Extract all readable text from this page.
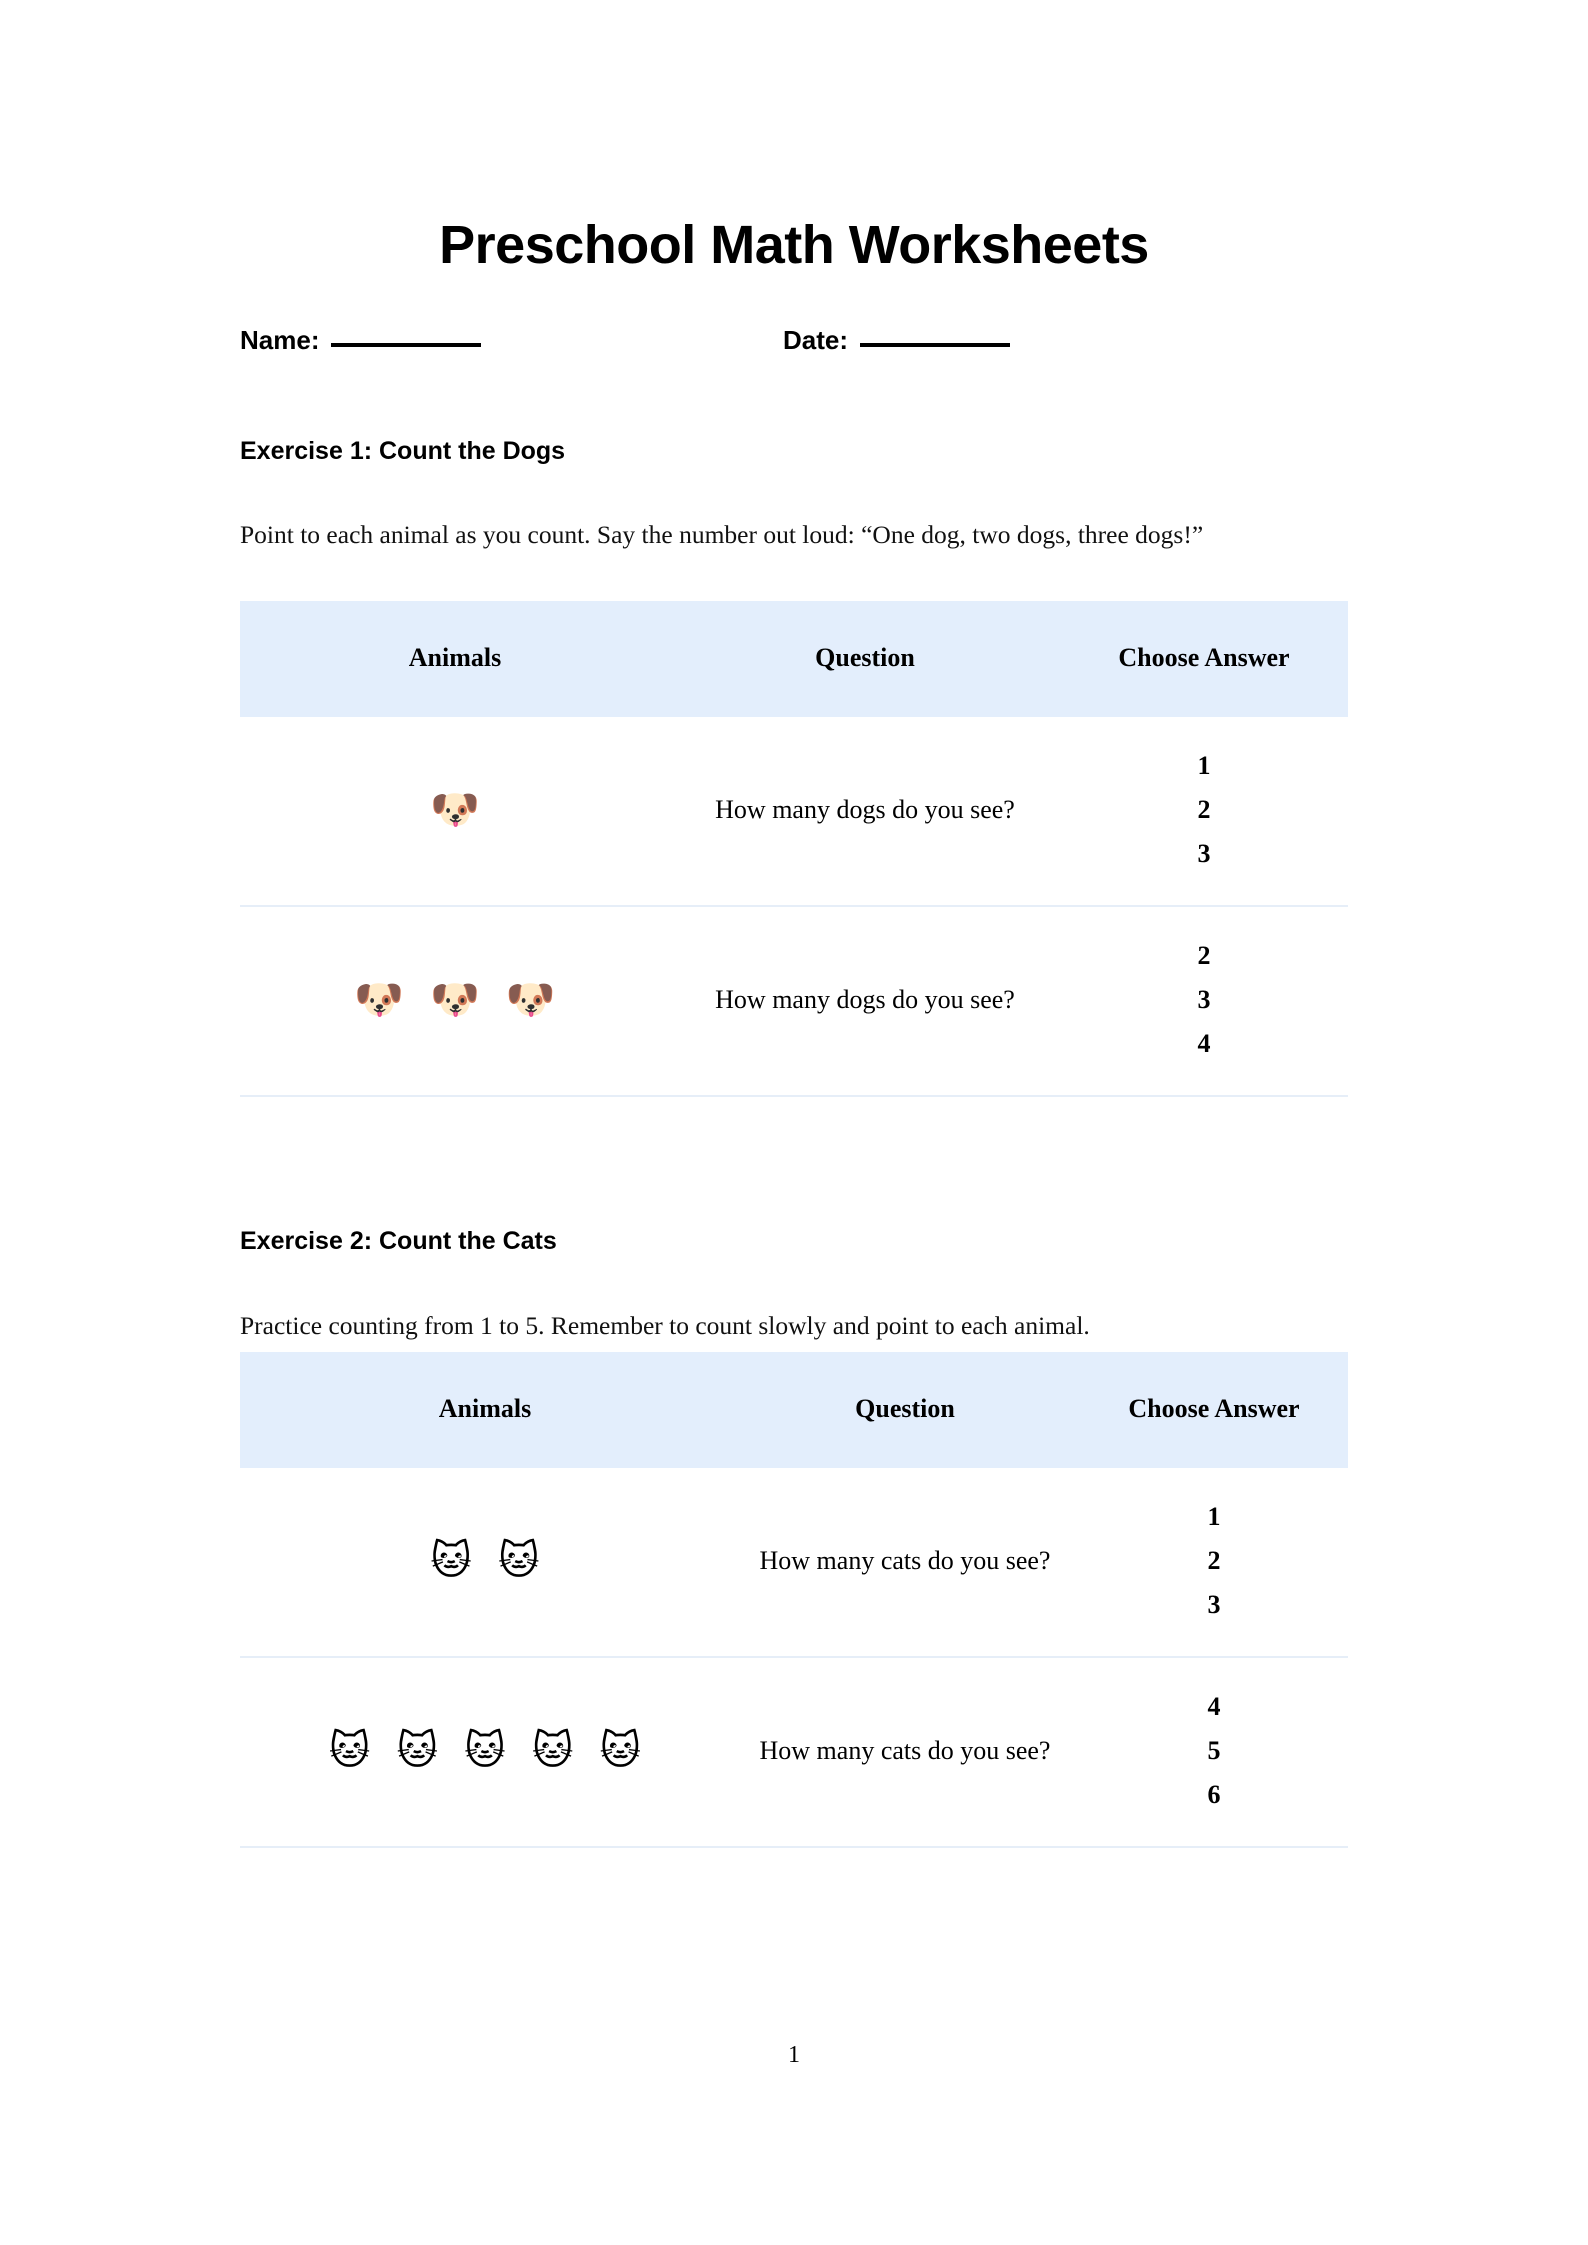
Preschool Math Worksheets
Name:	Date:
Exercise 1: Count the Dogs

Point to each animal as you count. Say the number out loud: “One dog, two dogs, three dogs!”

Animals	Question	Choose Answer
🐶	How many dogs do you see?	1
2
3

🐶🐶🐶	How many dogs do you see?	2
3
4
Exercise 2: Count the Cats

Practice counting from 1 to 5. Remember to count slowly and point to each animal.

Animals	Question	Choose Answer
🐱🐱	How many cats do you see?	1
2
3

🐱🐱🐱🐱🐱	How many cats do you see?	4
5
6
1
